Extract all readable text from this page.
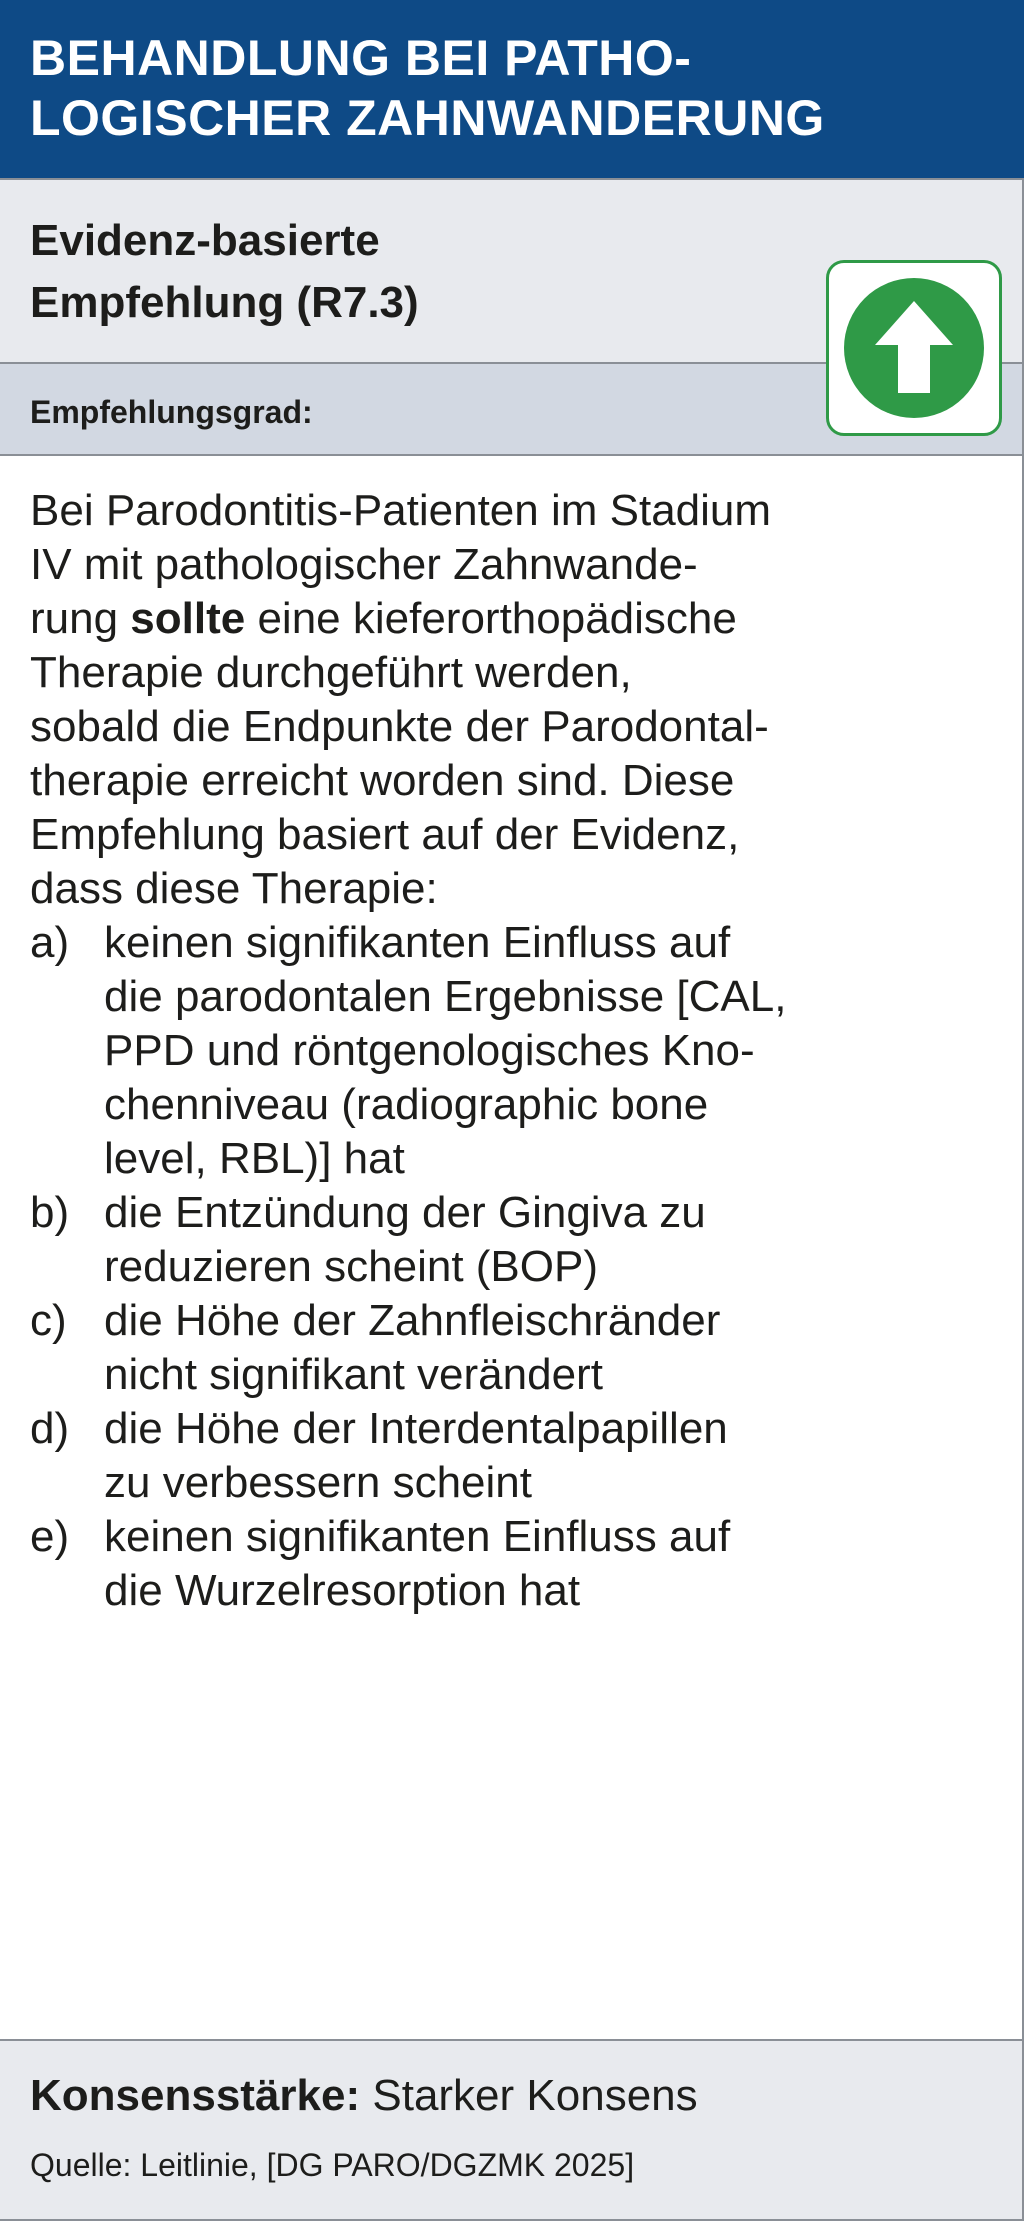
BEHANDLUNG BEI PATHO-
LOGISCHER ZAHNWANDERUNG
Evidenz-basierte
Empfehlung (R7.3)
Empfehlungsgrad:
Bei Parodontitis-Patienten im Stadium
IV mit pathologischer Zahnwande-
rung sollte eine kieferorthopädische
Therapie durchgeführt werden,
sobald die Endpunkte der Parodontal-
therapie erreicht worden sind. Diese
Empfehlung basiert auf der Evidenz,
dass diese Therapie:
a) keinen signifikanten Einfluss auf
die parodontalen Ergebnisse [CAL,
PPD und röntgenologisches Kno-
chenniveau (radiographic bone
level, RBL)] hat
b) die Entzündung der Gingiva zu
reduzieren scheint (BOP)
c) die Höhe der Zahnfleischränder
nicht signifikant verändert
d) die Höhe der Interdentalpapillen
zu verbessern scheint
e) keinen signifikanten Einfluss auf
die Wurzelresorption hat
Konsensstärke: Starker Konsens
Quelle: Leitlinie, [DG PARO/DGZMK 2025]
